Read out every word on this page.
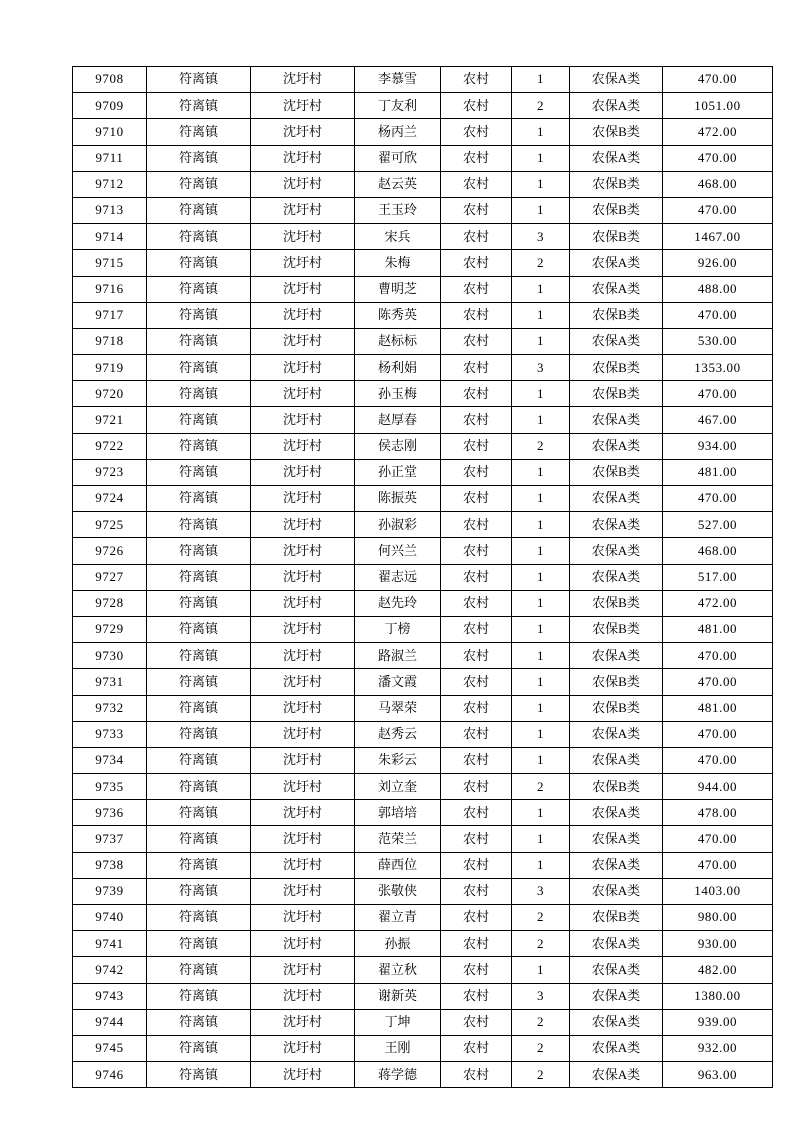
9708	符离镇	沈圩村	李慕雪	农村	1	农保A类	470.00
9709	符离镇	沈圩村	丁友利	农村	2	农保A类	1051.00
9710	符离镇	沈圩村	杨丙兰	农村	1	农保B类	472.00
9711	符离镇	沈圩村	翟可欣	农村	1	农保A类	470.00
9712	符离镇	沈圩村	赵云英	农村	1	农保B类	468.00
9713	符离镇	沈圩村	王玉玲	农村	1	农保B类	470.00
9714	符离镇	沈圩村	宋兵	农村	3	农保B类	1467.00
9715	符离镇	沈圩村	朱梅	农村	2	农保A类	926.00
9716	符离镇	沈圩村	曹明芝	农村	1	农保A类	488.00
9717	符离镇	沈圩村	陈秀英	农村	1	农保B类	470.00
9718	符离镇	沈圩村	赵标标	农村	1	农保A类	530.00
9719	符离镇	沈圩村	杨利娟	农村	3	农保B类	1353.00
9720	符离镇	沈圩村	孙玉梅	农村	1	农保B类	470.00
9721	符离镇	沈圩村	赵厚春	农村	1	农保A类	467.00
9722	符离镇	沈圩村	侯志刚	农村	2	农保A类	934.00
9723	符离镇	沈圩村	孙正堂	农村	1	农保B类	481.00
9724	符离镇	沈圩村	陈振英	农村	1	农保A类	470.00
9725	符离镇	沈圩村	孙淑彩	农村	1	农保A类	527.00
9726	符离镇	沈圩村	何兴兰	农村	1	农保A类	468.00
9727	符离镇	沈圩村	翟志远	农村	1	农保A类	517.00
9728	符离镇	沈圩村	赵先玲	农村	1	农保B类	472.00
9729	符离镇	沈圩村	丁榜	农村	1	农保B类	481.00
9730	符离镇	沈圩村	路淑兰	农村	1	农保A类	470.00
9731	符离镇	沈圩村	潘文霞	农村	1	农保B类	470.00
9732	符离镇	沈圩村	马翠荣	农村	1	农保B类	481.00
9733	符离镇	沈圩村	赵秀云	农村	1	农保A类	470.00
9734	符离镇	沈圩村	朱彩云	农村	1	农保A类	470.00
9735	符离镇	沈圩村	刘立奎	农村	2	农保B类	944.00
9736	符离镇	沈圩村	郭培培	农村	1	农保A类	478.00
9737	符离镇	沈圩村	范荣兰	农村	1	农保A类	470.00
9738	符离镇	沈圩村	薛西位	农村	1	农保A类	470.00
9739	符离镇	沈圩村	张敬侠	农村	3	农保A类	1403.00
9740	符离镇	沈圩村	翟立青	农村	2	农保B类	980.00
9741	符离镇	沈圩村	孙振	农村	2	农保A类	930.00
9742	符离镇	沈圩村	翟立秋	农村	1	农保A类	482.00
9743	符离镇	沈圩村	谢新英	农村	3	农保A类	1380.00
9744	符离镇	沈圩村	丁坤	农村	2	农保A类	939.00
9745	符离镇	沈圩村	王刚	农村	2	农保A类	932.00
9746	符离镇	沈圩村	蒋学德	农村	2	农保A类	963.00
